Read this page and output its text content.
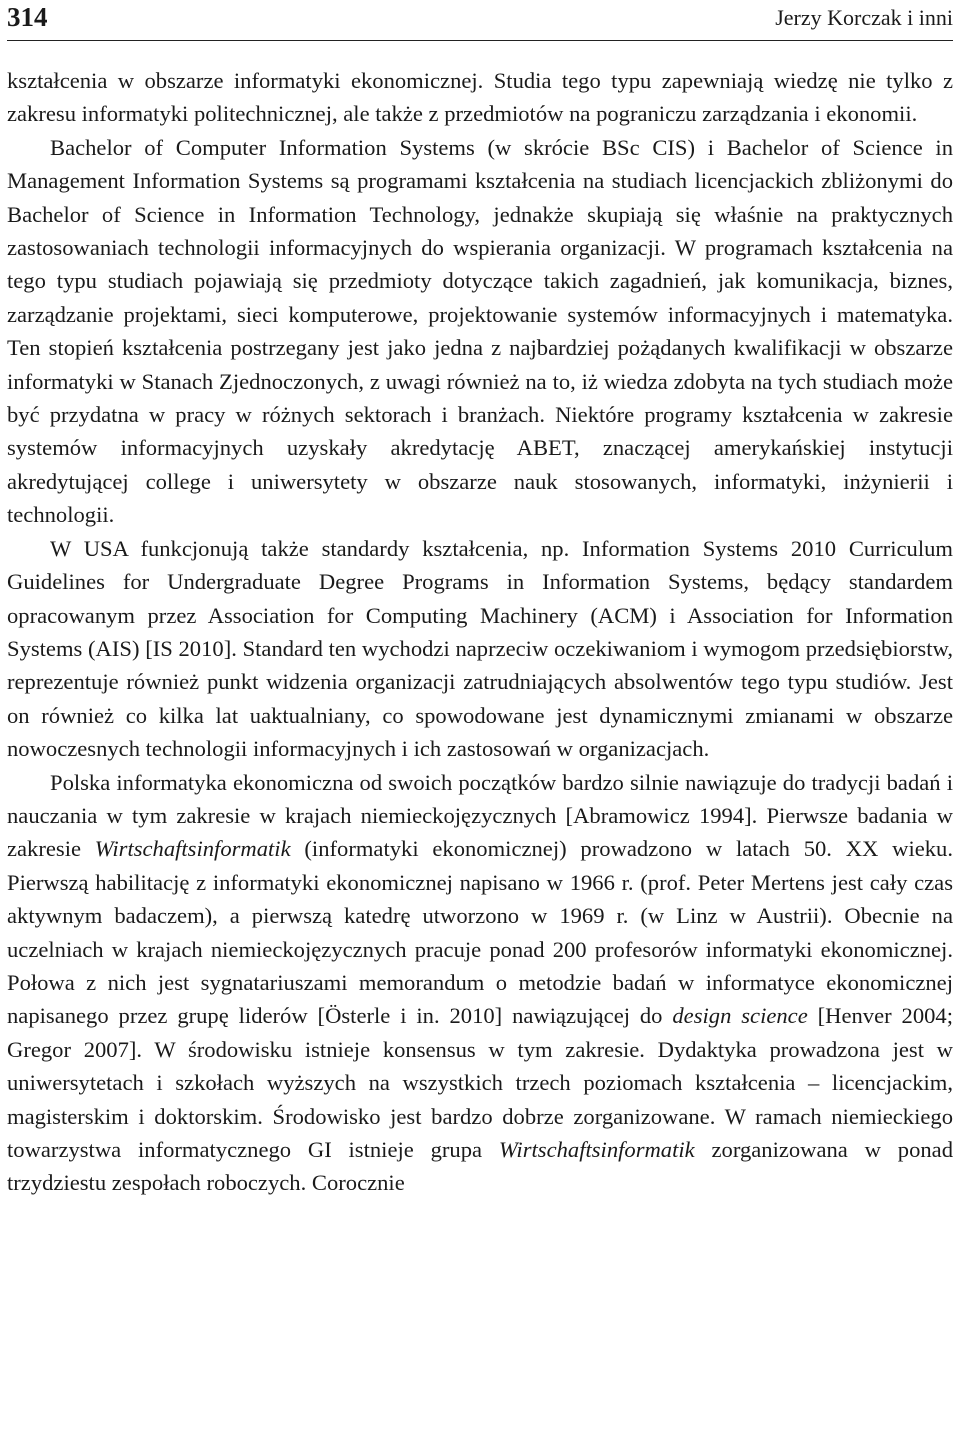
314	Jerzy Korczak i inni

kształcenia w obszarze informatyki ekonomicznej. Studia tego typu zapewniają wiedzę nie tylko z zakresu informatyki politechnicznej, ale także z przedmiotów na pograniczu zarządzania i ekonomii.

Bachelor of Computer Information Systems (w skrócie BSc CIS) i Bachelor of Science in Management Information Systems są programami kształcenia na studiach licencjackich zbliżonymi do Bachelor of Science in Information Technology, jednakże skupiają się właśnie na praktycznych zastosowaniach technologii informacyjnych do wspierania organizacji. W programach kształcenia na tego typu studiach pojawiają się przedmioty dotyczące takich zagadnień, jak komunikacja, biznes, zarządzanie projektami, sieci komputerowe, projektowanie systemów informacyjnych i matematyka. Ten stopień kształcenia postrzegany jest jako jedna z najbardziej pożądanych kwalifikacji w obszarze informatyki w Stanach Zjednoczonych, z uwagi również na to, iż wiedza zdobyta na tych studiach może być przydatna w pracy w różnych sektorach i branżach. Niektóre programy kształcenia w zakresie systemów informacyjnych uzyskały akredytację ABET, znaczącej amerykańskiej instytucji akredytującej college i uniwersytety w obszarze nauk stosowanych, informatyki, inżynierii i technologii.

W USA funkcjonują także standardy kształcenia, np. Information Systems 2010 Curriculum Guidelines for Undergraduate Degree Programs in Information Systems, będący standardem opracowanym przez Association for Computing Machinery (ACM) i Association for Information Systems (AIS) [IS 2010]. Standard ten wychodzi naprzeciw oczekiwaniom i wymogom przedsiębiorstw, reprezentuje również punkt widzenia organizacji zatrudniających absolwentów tego typu studiów. Jest on również co kilka lat uaktualniany, co spowodowane jest dynamicznymi zmianami w obszarze nowoczesnych technologii informacyjnych i ich zastosowań w organizacjach.

Polska informatyka ekonomiczna od swoich początków bardzo silnie nawiązuje do tradycji badań i nauczania w tym zakresie w krajach niemieckojęzycznych [Abramowicz 1994]. Pierwsze badania w zakresie Wirtschaftsinformatik (informatyki ekonomicznej) prowadzono w latach 50. XX wieku. Pierwszą habilitację z informatyki ekonomicznej napisano w 1966 r. (prof. Peter Mertens jest cały czas aktywnym badaczem), a pierwszą katedrę utworzono w 1969 r. (w Linz w Austrii). Obecnie na uczelniach w krajach niemieckojęzycznych pracuje ponad 200 profesorów informatyki ekonomicznej. Połowa z nich jest sygnatariuszami memorandum o metodzie badań w informatyce ekonomicznej napisanego przez grupę liderów [Österle i in. 2010] nawiązującej do design science [Henver 2004; Gregor 2007]. W środowisku istnieje konsensus w tym zakresie. Dydaktyka prowadzona jest w uniwersytetach i szkołach wyższych na wszystkich trzech poziomach kształcenia – licencjackim, magisterskim i doktorskim. Środowisko jest bardzo dobrze zorganizowane. W ramach niemieckiego towarzystwa informatycznego GI istnieje grupa Wirtschaftsinformatik zorganizowana w ponad trzydziestu zespołach roboczych. Corocznie
